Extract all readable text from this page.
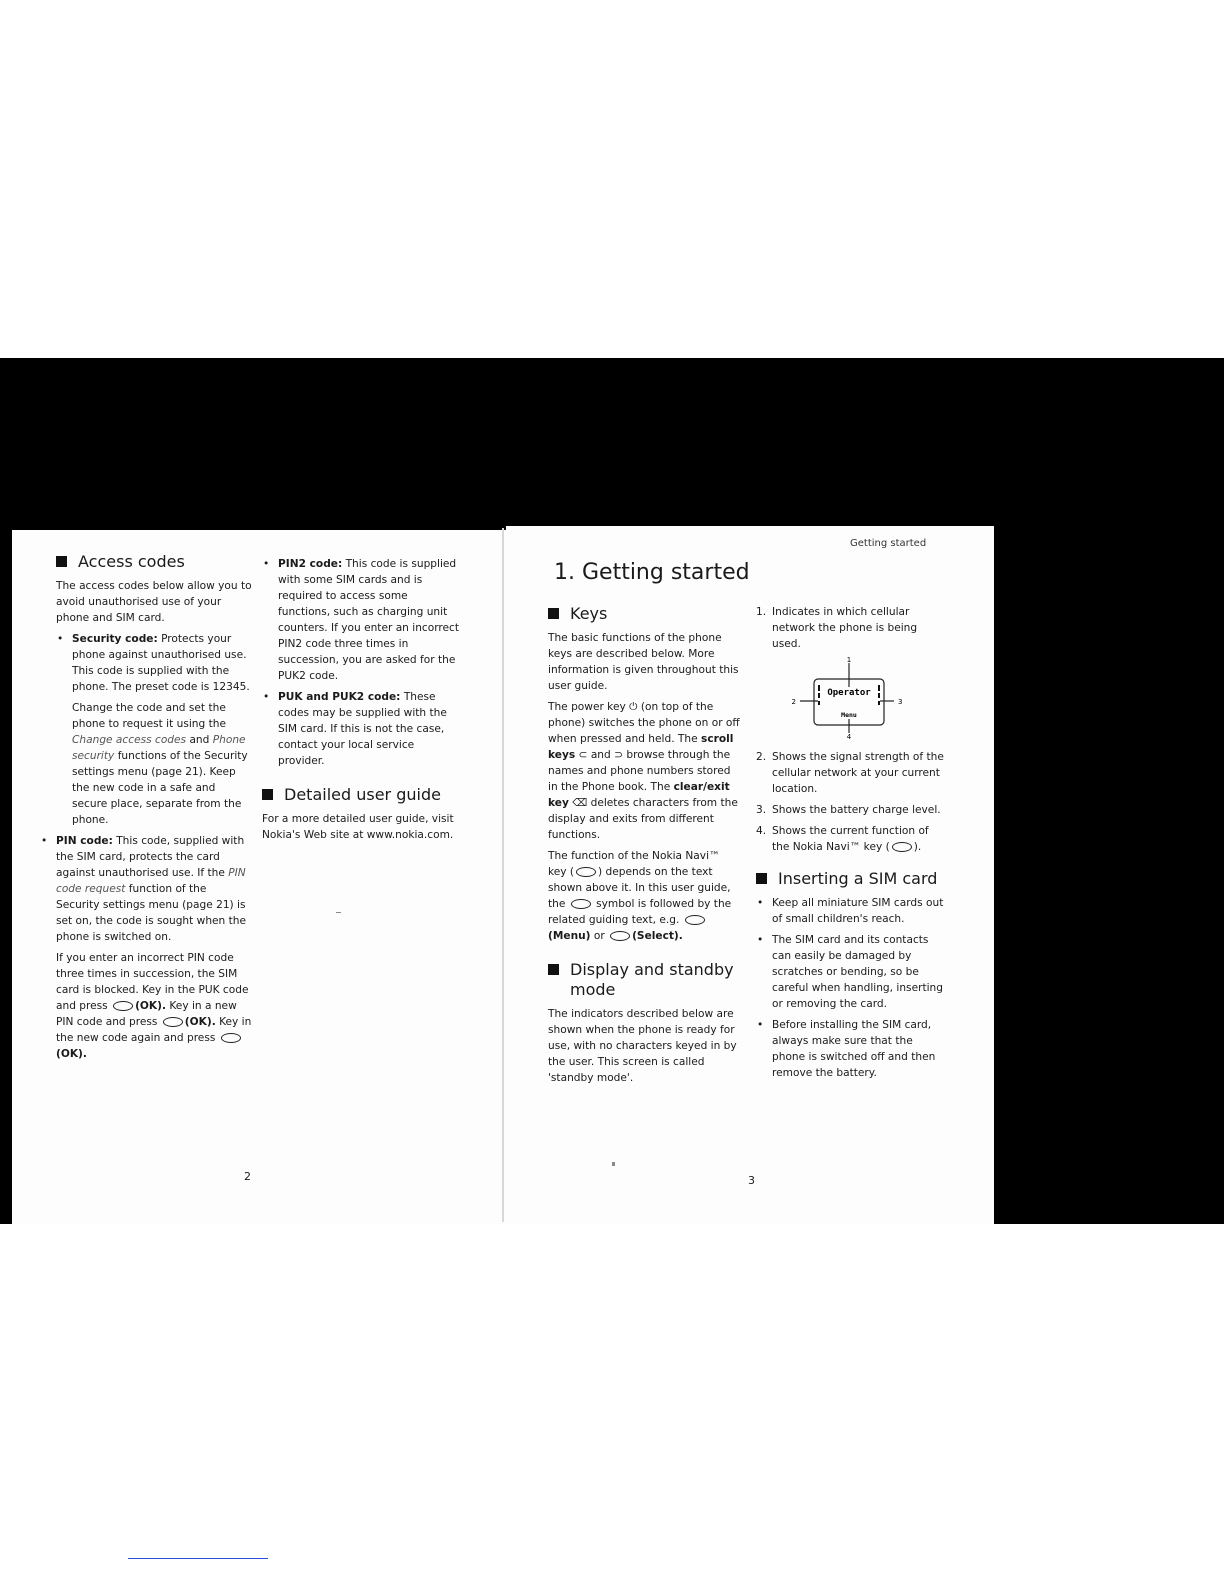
Access codes

The access codes below allow you to avoid unauthorised use of your phone and SIM card.

• Security code: Protects your phone against unauthorised use. This code is supplied with the phone. The preset code is 12345.

Change the code and set the phone to request it using the Change access codes and Phone security functions of the Security settings menu (page 21). Keep the new code in a safe and secure place, separate from the phone.

• PIN code: This code, supplied with the SIM card, protects the card against unauthorised use. If the PIN code request function of the Security settings menu (page 21) is set on, the code is sought when the phone is switched on.

If you enter an incorrect PIN code three times in succession, the SIM card is blocked. Key in the PUK code and press	(OK). Key in a new PIN code and press	(OK). Key in the new code again and press (OK).

• PIN2 code: This code is supplied with some SIM cards and is required to access some functions, such as charging unit counters. If you enter an incorrect PIN2 code three times in succession, you are asked for the PUK2 code.

• PUK and PUK2 code: These codes may be supplied with the SIM card. If this is not the case, contact your local service provider.

Detailed user guide

For a more detailed user guide, visit Nokia's Web site at www.nokia.com.

2
Getting started
1. Getting started
Keys

The basic functions of the phone keys are described below. More information is given throughout this user guide.

The power key ⏻ (on top of the phone) switches the phone on or off when pressed and held. The scroll keys ⊂ and ⊃ browse through the names and phone numbers stored in the Phone book. The clear/exit key ⌫ deletes characters from the display and exits from different functions.

The function of the Nokia Navi™ key ( ) depends on the text shown above it. In this user guide, the	symbol is followed by the related guiding text, e.g. (Menu) or	(Select).

Display and standby mode

The indicators described below are shown when the phone is ready for use, with no characters keyed in by the user. This screen is called 'standby mode'.

1. Indicates in which cellular network the phone is being used.
Operator
Menu
1
2	3
4
2. Shows the signal strength of the cellular network at your current location.
3. Shows the battery charge level.
4. Shows the current function of the Nokia Navi™ key ( ).
Inserting a SIM card
• Keep all miniature SIM cards out of small children's reach.
• The SIM card and its contacts can easily be damaged by scratches or bending, so be careful when handling, inserting or removing the card.
• Before installing the SIM card, always make sure that the phone is switched off and then remove the battery.
3
